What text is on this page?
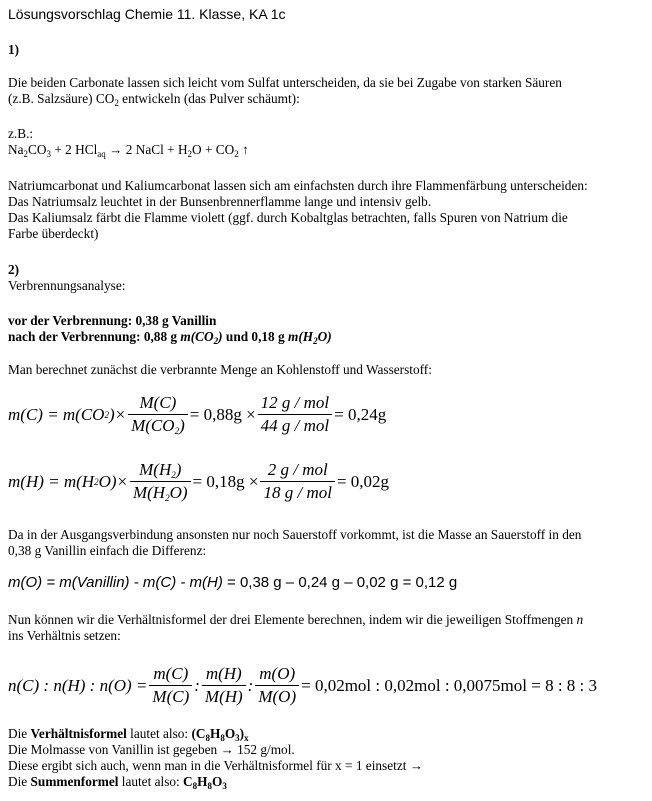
Lösungsvorschlag Chemie 11. Klasse, KA 1c
1)
Die beiden Carbonate lassen sich leicht vom Sulfat unterscheiden, da sie bei Zugabe von starken Säuren
(z.B. Salzsäure) $CO_2$ entwickeln (das Pulver schäumt):
z.B.:
$Na_2CO_3 + 2$ HCl$_{aq}$ → 2 NaCl + $H_2O + CO_2$ ↑
Natriumcarbonat und Kaliumcarbonat lassen sich am einfachsten durch ihre Flammenfärbung unterscheiden:
Das Natriumsalz leuchtet in der Bunsenbrennerflamme lange und intensiv gelb.
Das Kaliumsalz färbt die Flamme violett (ggf. durch Kobaltglas betrachten, falls Spuren von Natrium die
Farbe überdeckt)
2)
Verbrennungsanalyse:
vor der Verbrennung: 0,38 g Vanillin
nach der Verbrennung: 0,88 g $m(CO_2)$ und 0,18 g $m(H_2O)$
Man berechnet zunächst die verbrannte Menge an Kohlenstoff und Wasserstoff:
m(C) = m(CO 2 )× $\frac{M(C)}{M(CO_2)} = 0,88g \times \frac{\text{12 g / mol}}{\text{44 g / mol}} = 0,24g$
m(H) = m(H 2 $O)\times \frac{M(H_2)}{M(H_2O)} = 0,18g \times \frac{\text{2 g / mol}}{\text{18 g / mol}} = 0,02g$
Da in der Ausgangsverbindung ansonsten nur noch Sauerstoff vorkommt, ist die Masse an Sauerstoff in den
0,38 g Vanillin einfach die Differenz:
m(O) = m(Vanillin) - m(C) - m(H) = 0,38 g – 0,24 g – 0,02 g = 0,12 g
Nun können wir die Verhältnisformel der drei Elemente berechnen, indem wir die jeweiligen Stoffmengen n
ins Verhältnis setzen:
n(C) : n(H) : $n(O) = \frac{m(C)}{M(C)}$ : $\frac{m(H)}{M(H)}$ : $\frac{m(O)}{M(O)} = 0,02mol$ : 0,02mol : 0,0075mol = 8 : 8 : 3
Die Verhältnisformel lautet also: $(C_8H_8O_3)_x$
Die Molmasse von Vanillin ist gegeben → 152 g/mol.
Diese ergibt sich auch, wenn man in die Verhältnisformel für x = 1 einsetzt →
Die Summenformel lautet also: $C_8H_8O_3$
